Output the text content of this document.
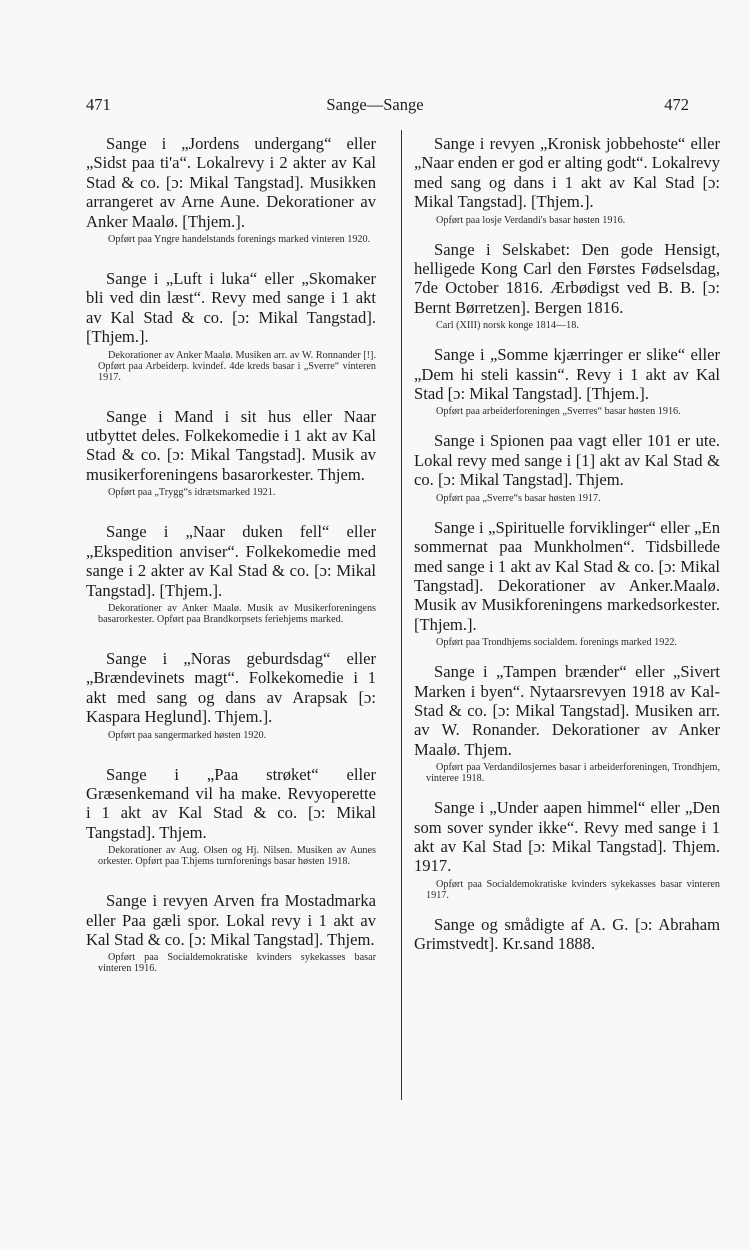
471	Sange—Sange	472

Sange i „Jordens undergang“ eller „Sidst paa ti'a“. Lokalrevy i 2 akter av Kal Stad & co. [ɔ: Mikal Tangstad]. Musikken arrangeret av Arne Aune. Dekorationer av Anker Maalø. [Thjem.].

Opført paa Yngre handelstands forenings marked vinteren 1920.

Sange i „Luft i luka“ eller „Skomaker bli ved din læst“. Revy med sange i 1 akt av Kal Stad & co. [ɔ: Mikal Tangstad]. [Thjem.].

Dekorationer av Anker Maalø. Musiken arr. av W. Ronnander [!]. Opført paa Arbeiderp. kvindef. 4de kreds basar i „Sverre“ vinteren 1917.

Sange i Mand i sit hus eller Naar utbyttet deles. Folkekomedie i 1 akt av Kal Stad & co. [ɔ: Mikal Tangstad]. Musik av musikerforeningens basarorkester. Thjem.

Opført paa „Trygg“s idrætsmarked 1921.

Sange i „Naar duken fell“ eller „Ekspedition anviser“. Folkekomedie med sange i 2 akter av Kal Stad & co. [ɔ: Mikal Tangstad]. [Thjem.].

Dekorationer av Anker Maalø. Musik av Musikerforeningens basarorkester. Opført paa Brandkorpsets feriehjems marked.

Sange i „Noras geburdsdag“ eller „Brændevinets magt“. Folkekomedie i 1 akt med sang og dans av Arapsak [ɔ: Kaspara Heglund]. Thjem.].

Opført paa sangermarked høsten 1920.

Sange i „Paa strøket“ eller Græsenkemand vil ha make. Revyoperette i 1 akt av Kal Stad & co. [ɔ: Mikal Tangstad]. Thjem.

Dekorationer av Aug. Olsen og Hj. Nilsen. Musiken av Aunes orkester. Opført paa T.hjems turnforenings basar høsten 1918.

Sange i revyen Arven fra Mostadmarka eller Paa gæli spor. Lokal revy i 1 akt av Kal Stad & co. [ɔ: Mikal Tangstad]. Thjem.

Opført paa Socialdemokratiske kvinders sykekasses basar vinteren 1916.

Sange i revyen „Kronisk jobbehoste“ eller „Naar enden er god er alting godt“. Lokalrevy med sang og dans i 1 akt av Kal Stad [ɔ: Mikal Tangstad]. [Thjem.].

Opført paa losje Verdandi's basar høsten 1916.

Sange i Selskabet: Den gode Hensigt, helligede Kong Carl den Førstes Fødselsdag, 7de October 1816. Ærbødigst ved B. B. [ɔ: Bernt Børretzen]. Bergen 1816.

Carl (XIII) norsk konge 1814—18.

Sange i „Somme kjærringer er slike“ eller „Dem hi steli kassin“. Revy i 1 akt av Kal Stad [ɔ: Mikal Tangstad]. [Thjem.].

Opført paa arbeiderforeningen „Sverres“ basar høsten 1916.

Sange i Spionen paa vagt eller 101 er ute. Lokal revy med sange i [1] akt av Kal Stad & co. [ɔ: Mikal Tangstad]. Thjem.

Opført paa „Sverre“s basar høsten 1917.

Sange i „Spirituelle forviklinger“ eller „En sommernat paa Munkholmen“. Tidsbillede med sange i 1 akt av Kal Stad & co. [ɔ: Mikal Tangstad]. Dekorationer av Anker.Maalø. Musik av Musikforeningens markedsorkester. [Thjem.].

Opført paa Trondhjems socialdem. forenings marked 1922.

Sange i „Tampen brænder“ eller „Sivert Marken i byen“. Nytaarsrevyen 1918 av Kal-Stad & co. [ɔ: Mikal Tangstad]. Musiken arr. av W. Ronander. Dekorationer av Anker Maalø. Thjem.

Opført paa Verdandilosjernes basar i arbeiderforeningen, Trondhjem, vinteree 1918.

Sange i „Under aapen himmel“ eller „Den som sover synder ikke“. Revy med sange i 1 akt av Kal Stad [ɔ: Mikal Tangstad]. Thjem. 1917.

Opført paa Socialdemokratiske kvinders sykekasses basar vinteren 1917.

Sange og smådigte af A. G. [ɔ: Abraham Grimstvedt]. Kr.sand 1888.
